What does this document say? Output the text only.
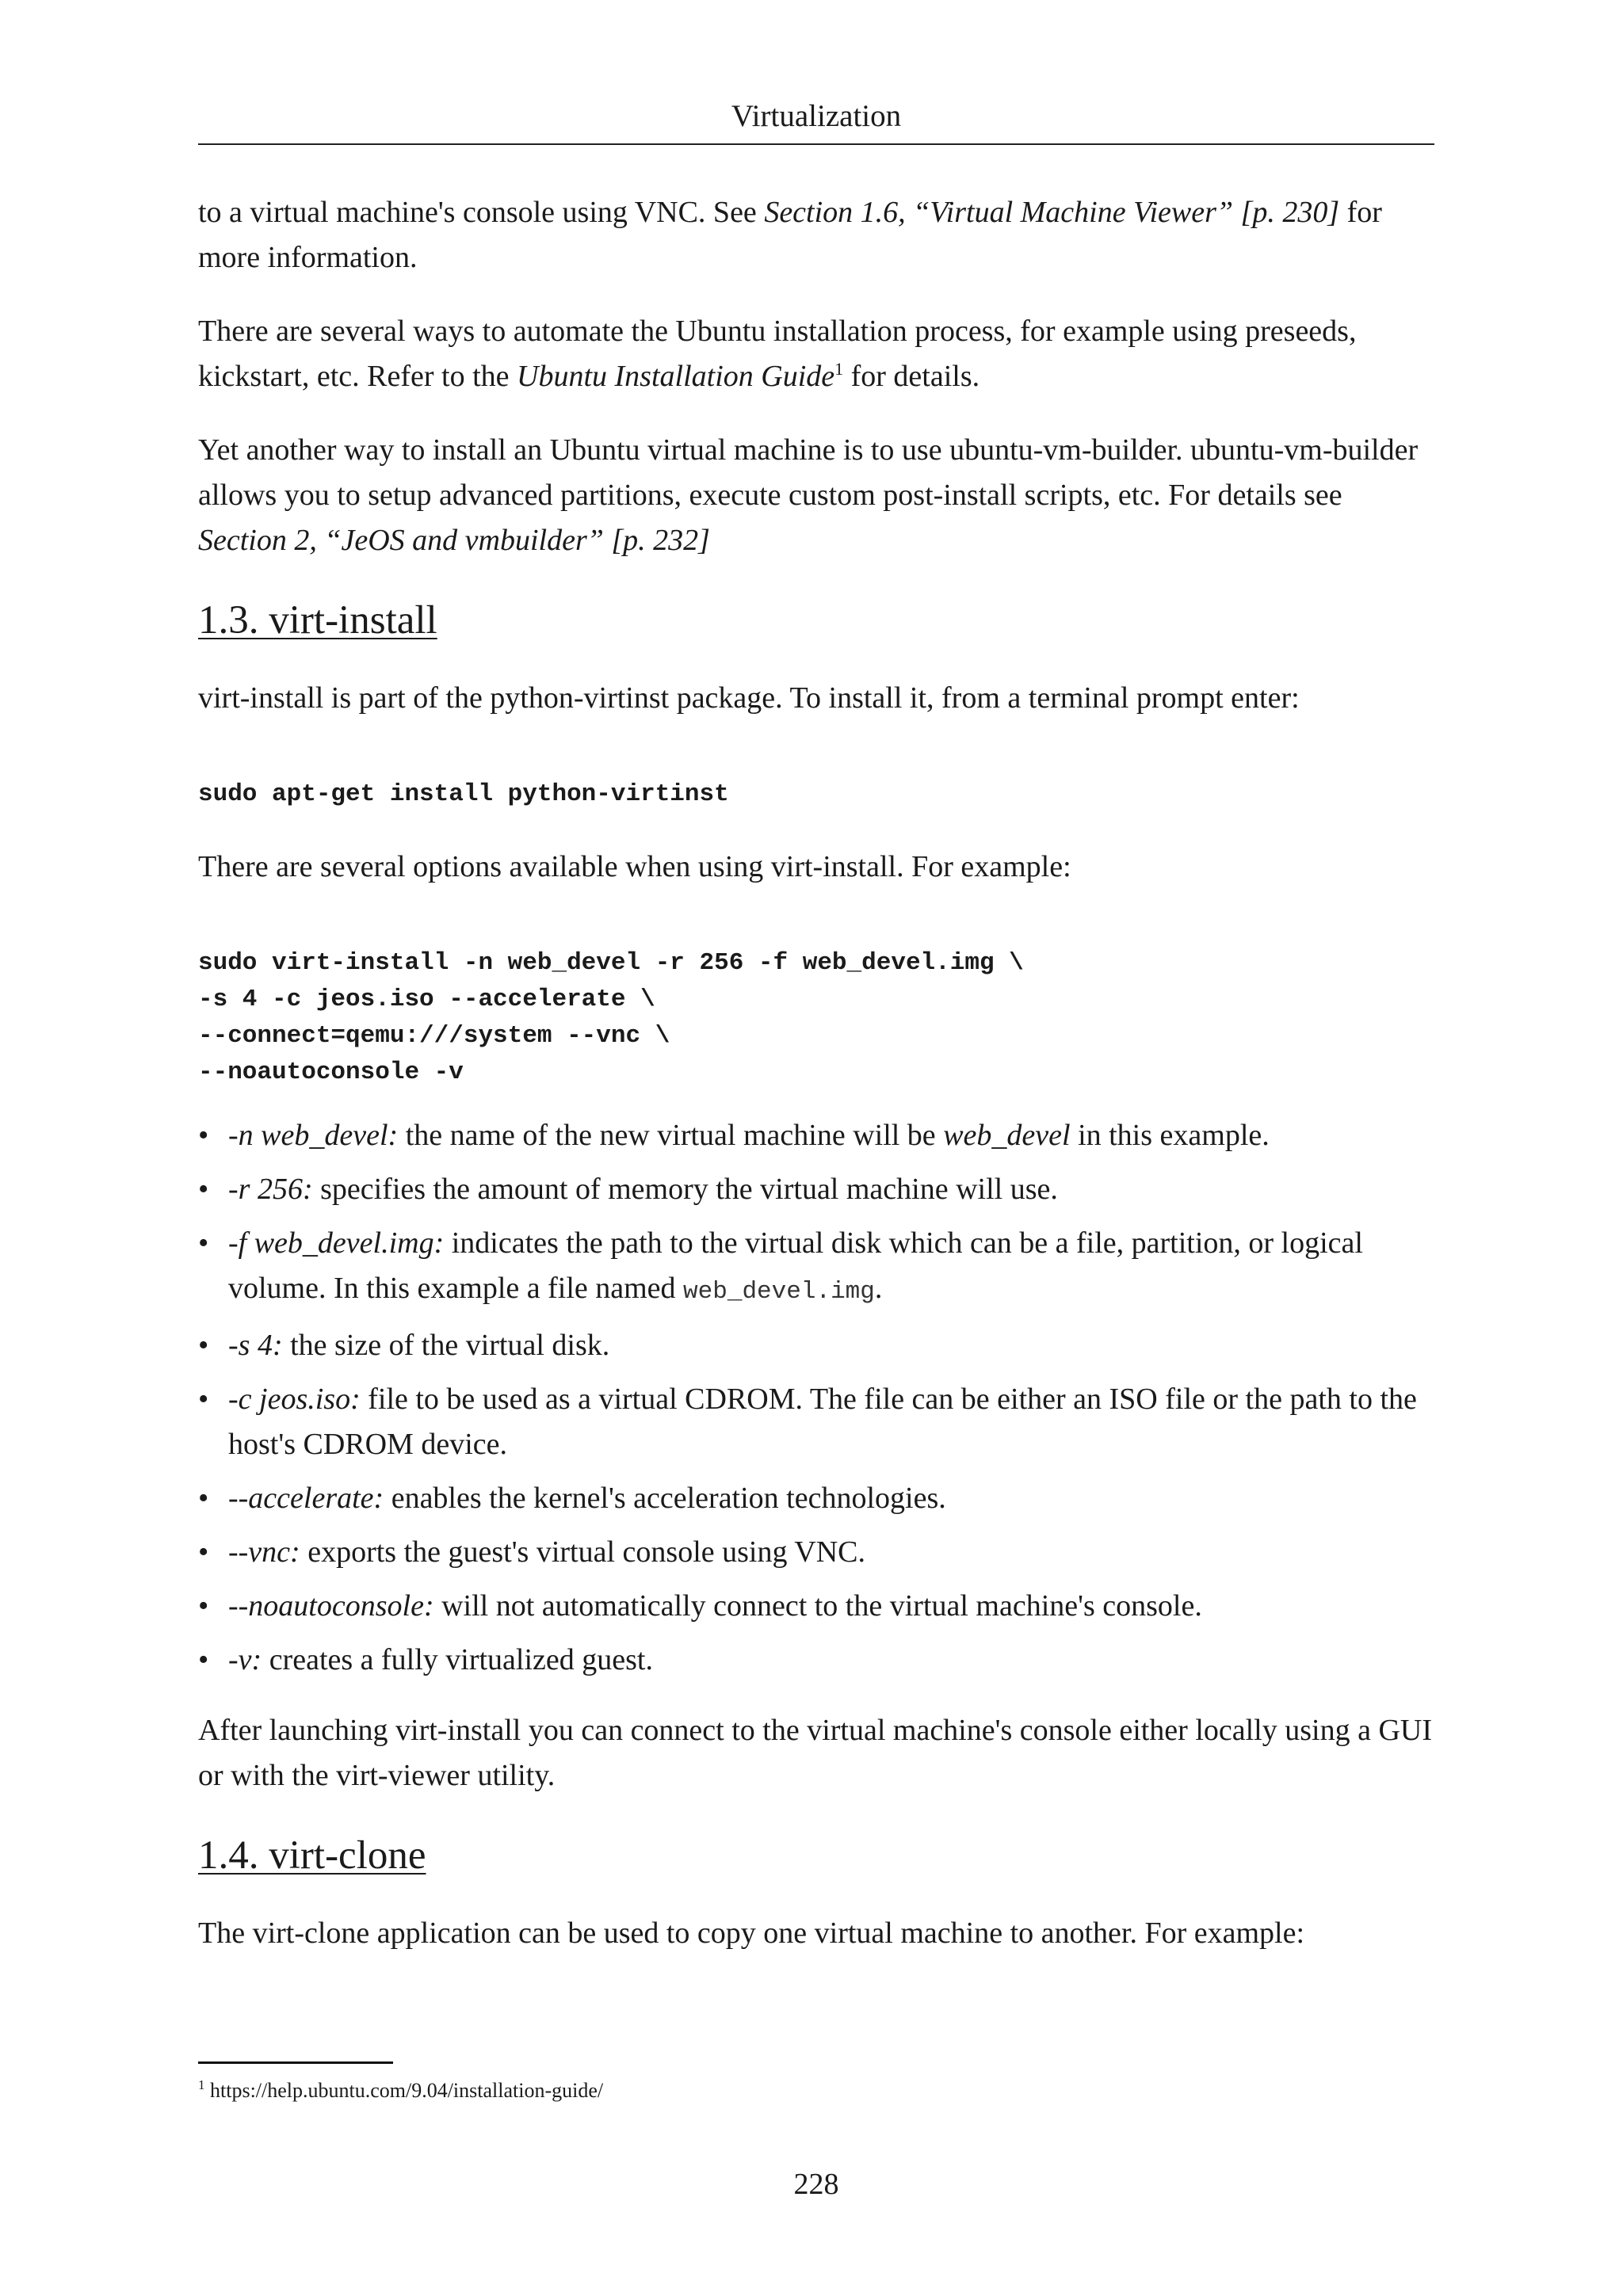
Virtualization

to a virtual machine's console using VNC. See Section 1.6, “Virtual Machine Viewer” [p. 230] for more information.

There are several ways to automate the Ubuntu installation process, for example using preseeds, kickstart, etc. Refer to the Ubuntu Installation Guide$^1$ for details.

Yet another way to install an Ubuntu virtual machine is to use ubuntu-vm-builder. ubuntu-vm-builder allows you to setup advanced partitions, execute custom post-install scripts, etc. For details see Section 2, “JeOS and vmbuilder” [p. 232]

1.3. virt-install

virt-install is part of the python-virtinst package. To install it, from a terminal prompt enter:

sudo apt-get install python-virtinst

There are several options available when using virt-install. For example:

sudo virt-install -n web_devel -r 256 -f web_devel.img \
-s 4 -c jeos.iso --accelerate \
--connect=qemu:///system --vnc \
--noautoconsole -v
• -n web_devel: the name of the new virtual machine will be web_devel in this example.
• -r 256: specifies the amount of memory the virtual machine will use.
• -f web_devel.img: indicates the path to the virtual disk which can be a file, partition, or logical volume. In this example a file named web_devel.img.
• -s 4: the size of the virtual disk.
• -c jeos.iso: file to be used as a virtual CDROM. The file can be either an ISO file or the path to the host's CDROM device.
• --accelerate: enables the kernel's acceleration technologies.
• --vnc: exports the guest's virtual console using VNC.
• --noautoconsole: will not automatically connect to the virtual machine's console.
• -v: creates a fully virtualized guest.

After launching virt-install you can connect to the virtual machine's console either locally using a GUI or with the virt-viewer utility.

1.4. virt-clone

The virt-clone application can be used to copy one virtual machine to another. For example:

$^1$ https://help.ubuntu.com/9.04/installation-guide/
228
